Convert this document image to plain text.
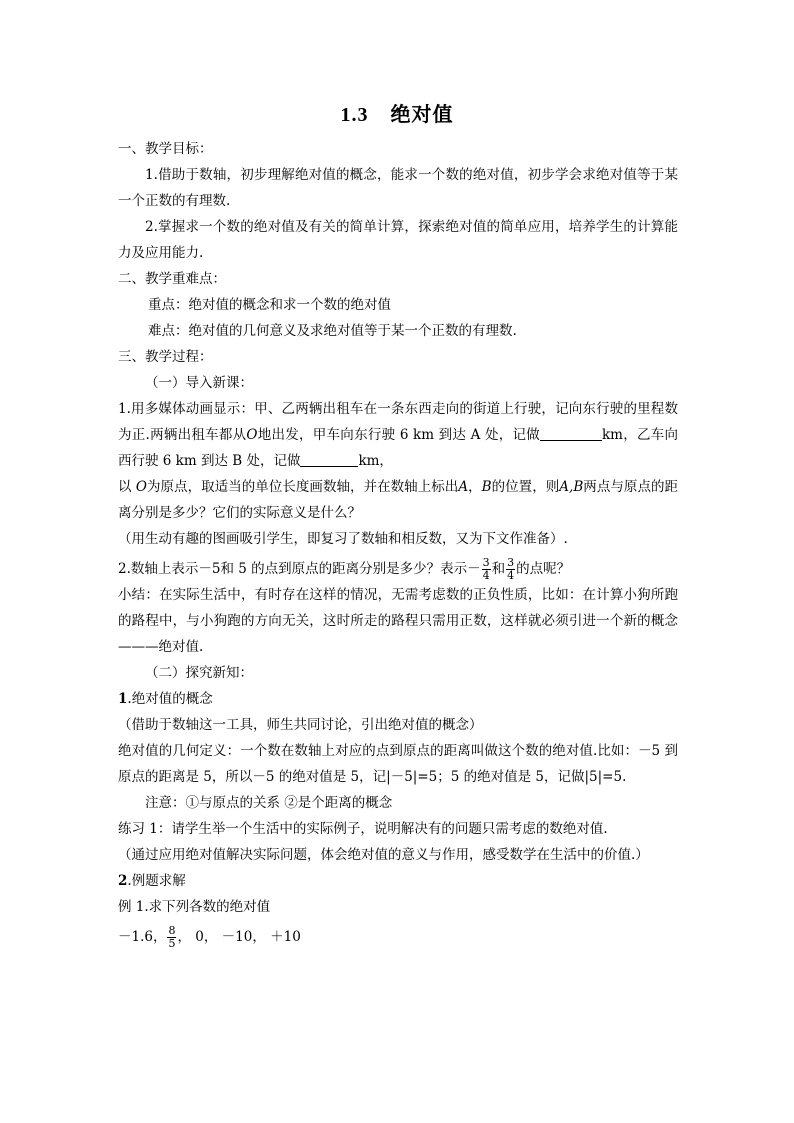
1.3 绝对值

一、教学目标：

1.借助于数轴，初步理解绝对值的概念，能求一个数的绝对值，初步学会求绝对值等于某一个正数的有理数.

2.掌握求一个数的绝对值及有关的简单计算，探索绝对值的简单应用，培养学生的计算能力及应用能力.

二、教学重难点：

重点：绝对值的概念和求一个数的绝对值

难点：绝对值的几何意义及求绝对值等于某一个正数的有理数.

三、教学过程：

（一）导入新课：

1.用多媒体动画显示：甲、乙两辆出租车在一条东西走向的街道上行驶，记向东行驶的里程数为正.两辆出租车都从O地出发，甲车向东行驶 6 km 到达 A 处，记做	km，乙车向西行驶 6 km 到达 B 处，记做	km，

以 O为原点，取适当的单位长度画数轴，并在数轴上标出A，B的位置，则A,B两点与原点的距离分别是多少？它们的实际意义是什么？

（用生动有趣的图画吸引学生，即复习了数轴和相反数，又为下文作准备）.

2.数轴上表示－5和 5 的点到原点的距离分别是多少？表示－ $\frac{3}{4}$ 和 $\frac{3}{4}$ 的点呢？

小结：在实际生活中，有时存在这样的情况，无需考虑数的正负性质，比如：在计算小狗所跑的路程中，与小狗跑的方向无关，这时所走的路程只需用正数，这样就必须引进一个新的概念———绝对值.

（二）探究新知：

1.绝对值的概念

（借助于数轴这一工具，师生共同讨论，引出绝对值的概念）

绝对值的几何定义：一个数在数轴上对应的点到原点的距离叫做这个数的绝对值.比如：－5 到原点的距离是 5，所以－5 的绝对值是 5，记|－5|=5；5 的绝对值是 5，记做|5|=5.

注意：①与原点的关系 ②是个距离的概念

练习 1：请学生举一个生活中的实际例子，说明解决有的问题只需考虑的数绝对值.

（通过应用绝对值解决实际问题，体会绝对值的意义与作用，感受数学在生活中的价值.）

2.例题求解

例 1.求下列各数的绝对值

－1.6， $\frac{8}{5}$ ， 0， －10， ＋10
